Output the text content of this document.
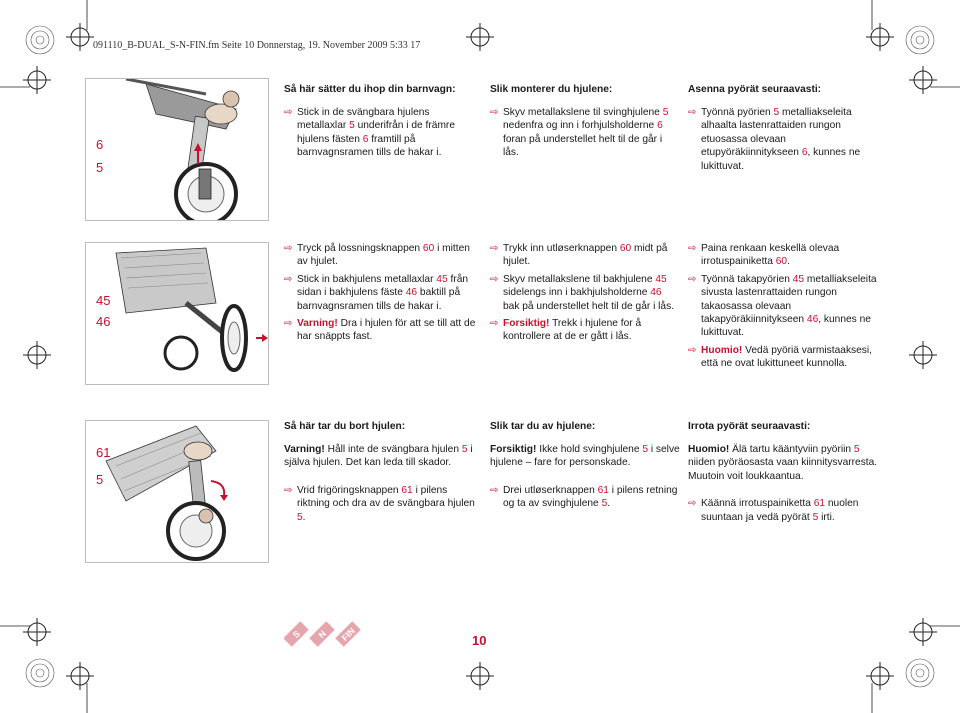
091110_B-DUAL_S-N-FIN.fm Seite 10 Donnerstag, 19. November 2009 5:33 17
6
5
Så här sätter du ihop din barnvagn:
⇨ Stick in de svängbara hjulens metallaxlar 5 underifrån i de främre hjulens fästen 6 framtill på barnvagnsramen tills de hakar i.
Slik monterer du hjulene:
⇨ Skyv metallakslene til svinghjulene 5 nedenfra og inn i forhjulsholderne 6 foran på understellet helt til de går i lås.
Asenna pyörät seuraavasti:
⇨ Työnnä pyörien 5 metalliakseleita alhaalta lastenrattaiden rungon etuosassa olevaan etupyöräkiinnitykseen 6, kunnes ne lukittuvat.
45
46
⇨ Tryck på lossningsknappen 60 i mitten av hjulet.
⇨ Stick in bakhjulens metallaxlar 45 från sidan i bakhjulens fäste 46 baktill på barnvagnsramen tills de hakar i.
⇨ Varning! Dra i hjulen för att se till att de har snäppts fast.
⇨ Trykk inn utløserknappen 60 midt på hjulet.
⇨ Skyv metallakslene til bakhjulene 45 sidelengs inn i bakhjulsholderne 46 bak på understellet helt til de går i lås.
⇨ Forsiktig! Trekk i hjulene for å kontrollere at de er gått i lås.
⇨ Paina renkaan keskellä olevaa irrotuspainiketta 60.
⇨ Työnnä takapyörien 45 metalliakseleita sivusta lastenrattaiden rungon takaosassa olevaan takapyöräkiinnitykseen 46, kunnes ne lukittuvat.
⇨ Huomio! Vedä pyöriä varmistaaksesi, että ne ovat lukittuneet kunnolla.
61
5
Så här tar du bort hjulen:

Varning! Håll inte de svängbara hjulen 5 i själva hjulen. Det kan leda till skador.

⇨ Vrid frigöringsknappen 61 i pilens riktning och dra av de svängbara hjulen 5.
Slik tar du av hjulene:

Forsiktig! Ikke hold svinghjulene 5 i selve hjulene – fare for personskade.

⇨ Drei utløserknappen 61 i pilens retning og ta av svinghjulene 5.
Irrota pyörät seuraavasti:

Huomio! Älä tartu kääntyviin pyöriin 5 niiden pyöräosasta vaan kiinnitysvarresta. Muutoin voit loukkaantua.

⇨ Käännä irrotuspainiketta 61 nuolen suuntaan ja vedä pyörät 5 irti.
S N FIN	10
